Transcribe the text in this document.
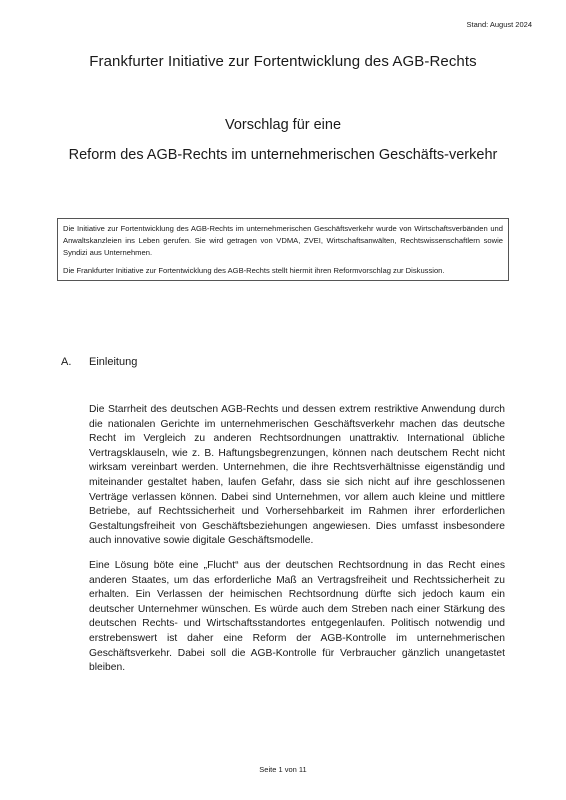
Stand: August 2024
Frankfurter Initiative zur Fortentwicklung des AGB-Rechts
Vorschlag für eine
Reform des AGB-Rechts im unternehmerischen Geschäfts-verkehr

Die Initiative zur Fortentwicklung des AGB-Rechts im unternehmerischen Geschäftsverkehr wurde von Wirtschaftsverbänden und Anwaltskanzleien ins Leben gerufen. Sie wird getragen von VDMA, ZVEI, Wirtschaftsanwälten, Rechtswissenschaftlern sowie Syndizi aus Unternehmen.

Die Frankfurter Initiative zur Fortentwicklung des AGB-Rechts stellt hiermit ihren Reformvorschlag zur Diskussion.

A. Einleitung

Die Starrheit des deutschen AGB-Rechts und dessen extrem restriktive Anwendung durch die nationalen Gerichte im unternehmerischen Geschäftsverkehr machen das deutsche Recht im Vergleich zu anderen Rechtsordnungen unattraktiv. International übliche Vertragsklauseln, wie z. B. Haftungsbegrenzungen, können nach deutschem Recht nicht wirksam vereinbart werden. Unternehmen, die ihre Rechtsverhältnisse eigenständig und miteinander gestaltet haben, laufen Gefahr, dass sie sich nicht auf ihre geschlossenen Verträge verlassen können. Dabei sind Unternehmen, vor allem auch kleine und mittlere Betriebe, auf Rechtssicherheit und Vorhersehbarkeit im Rahmen ihrer erforderlichen Gestaltungsfreiheit von Geschäftsbeziehungen angewiesen. Dies umfasst insbesondere auch innovative sowie digitale Geschäftsmodelle.

Eine Lösung böte eine „Flucht“ aus der deutschen Rechtsordnung in das Recht eines anderen Staates, um das erforderliche Maß an Vertragsfreiheit und Rechtssicherheit zu erhalten. Ein Verlassen der heimischen Rechtsordnung dürfte sich jedoch kaum ein deutscher Unternehmer wünschen. Es würde auch dem Streben nach einer Stärkung des deutschen Rechts- und Wirtschaftsstandortes entgegenlaufen. Politisch notwendig und erstrebenswert ist daher eine Reform der AGB-Kontrolle im unternehmerischen Geschäftsverkehr. Dabei soll die AGB-Kontrolle für Verbraucher gänzlich unangetastet bleiben.

Seite 1 von 11
